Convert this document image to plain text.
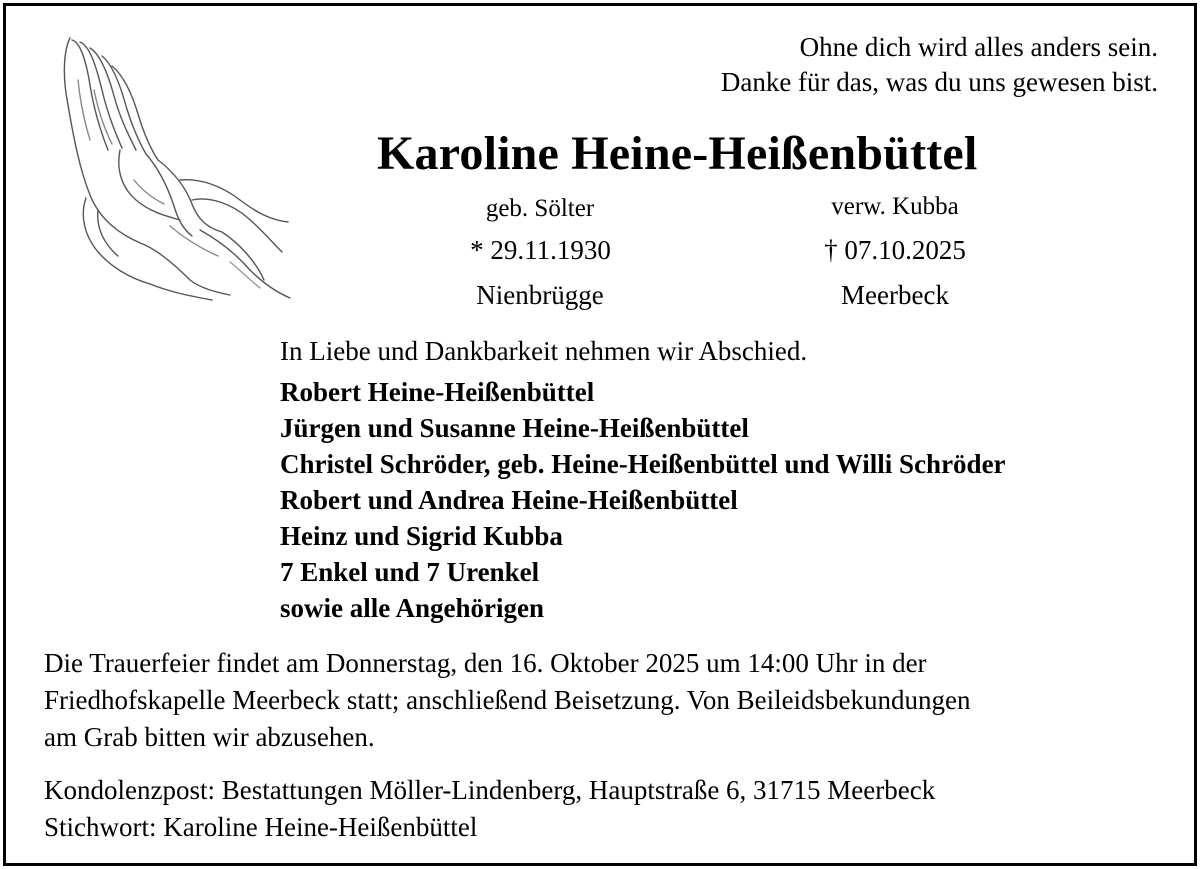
Ohne dich wird alles anders sein.
Danke für das, was du uns gewesen bist.
Karoline Heine-Heißenbüttel
geb. Sölter
* 29.11.1930
Nienbrügge
verw. Kubba
† 07.10.2025
Meerbeck
In Liebe und Dankbarkeit nehmen wir Abschied.
Robert Heine-Heißenbüttel
Jürgen und Susanne Heine-Heißenbüttel
Christel Schröder, geb. Heine-Heißenbüttel und Willi Schröder
Robert und Andrea Heine-Heißenbüttel
Heinz und Sigrid Kubba
7 Enkel und 7 Urenkel
sowie alle Angehörigen
Die Trauerfeier findet am Donnerstag, den 16. Oktober 2025 um 14:00 Uhr in der
Friedhofskapelle Meerbeck statt; anschließend Beisetzung. Von Beileidsbekundungen
am Grab bitten wir abzusehen.
Kondolenzpost: Bestattungen Möller-Lindenberg, Hauptstraße 6, 31715 Meerbeck
Stichwort: Karoline Heine-Heißenbüttel
